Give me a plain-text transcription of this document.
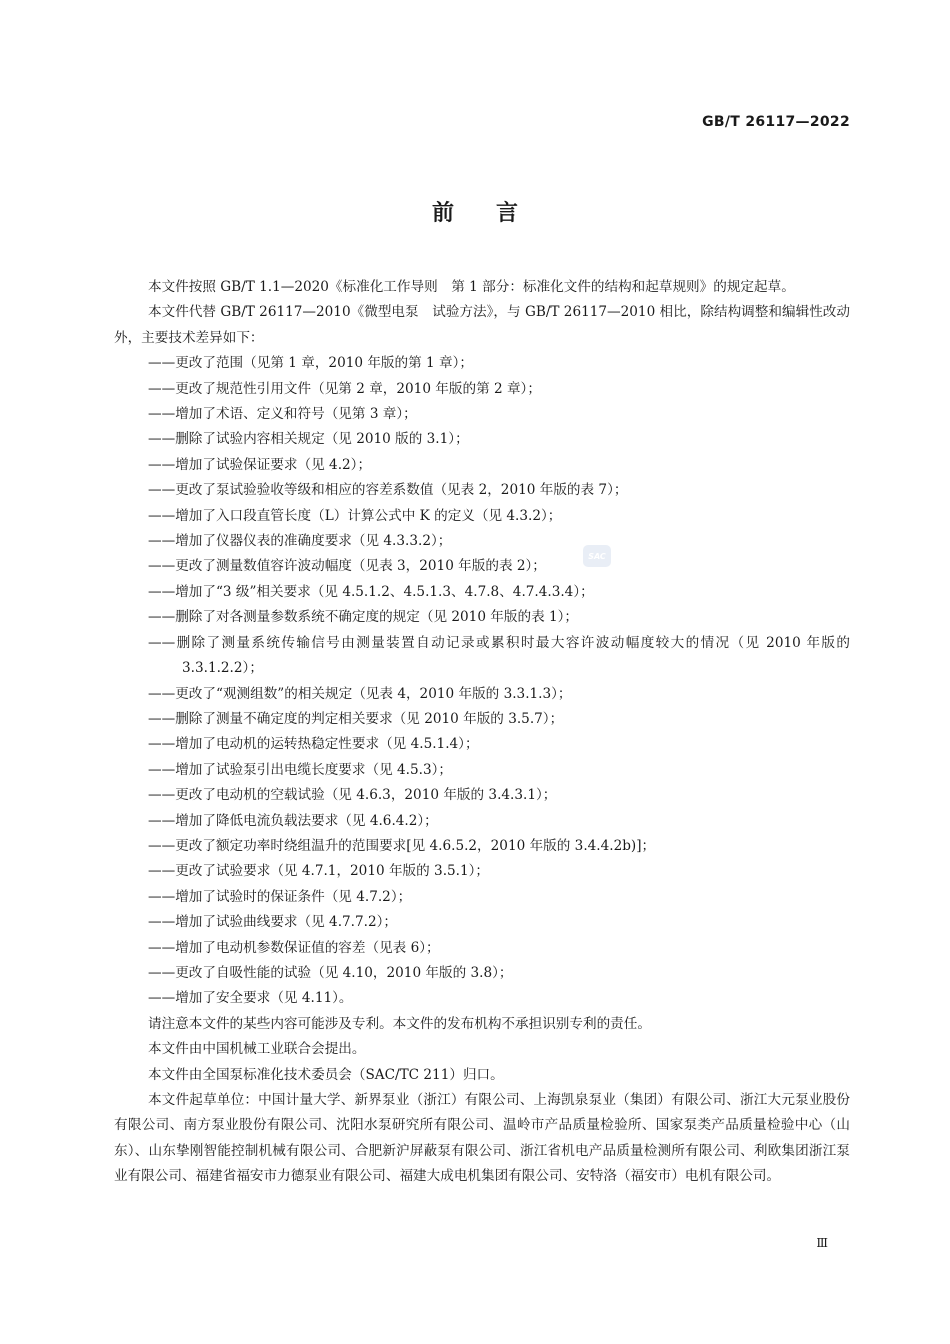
GB/T 26117—2022
前言

本文件按照 GB/T 1.1—2020《标准化工作导则　第 1 部分：标准化文件的结构和起草规则》的规定起草。

本文件代替 GB/T 26117—2010《微型电泵　试验方法》，与 GB/T 26117—2010 相比，除结构调整和编辑性改动外，主要技术差异如下：

——更改了范围（见第 1 章，2010 年版的第 1 章）；

——更改了规范性引用文件（见第 2 章，2010 年版的第 2 章）；

——增加了术语、定义和符号（见第 3 章）；

——删除了试验内容相关规定（见 2010 版的 3.1）；

——增加了试验保证要求（见 4.2）；

——更改了泵试验验收等级和相应的容差系数值（见表 2，2010 年版的表 7）；

——增加了入口段直管长度（L）计算公式中 K 的定义（见 4.3.2）；

——增加了仪器仪表的准确度要求（见 4.3.3.2）；

——更改了测量数值容许波动幅度（见表 3，2010 年版的表 2）；

——增加了“3 级”相关要求（见 4.5.1.2、4.5.1.3、4.7.8、4.7.4.3.4）；

——删除了对各测量参数系统不确定度的规定（见 2010 年版的表 1）；

——删除了测量系统传输信号由测量装置自动记录或累积时最大容许波动幅度较大的情况（见 2010 年版的 3.3.1.2.2）；

——更改了“观测组数”的相关规定（见表 4，2010 年版的 3.3.1.3）；

——删除了测量不确定度的判定相关要求（见 2010 年版的 3.5.7）；

——增加了电动机的运转热稳定性要求（见 4.5.1.4）；

——增加了试验泵引出电缆长度要求（见 4.5.3）；

——更改了电动机的空载试验（见 4.6.3，2010 年版的 3.4.3.1）；

——增加了降低电流负载法要求（见 4.6.4.2）；

——更改了额定功率时绕组温升的范围要求[见 4.6.5.2，2010 年版的 3.4.4.2b)]；

——更改了试验要求（见 4.7.1，2010 年版的 3.5.1）；

——增加了试验时的保证条件（见 4.7.2）；

——增加了试验曲线要求（见 4.7.7.2）；

——增加了电动机参数保证值的容差（见表 6）；

——更改了自吸性能的试验（见 4.10，2010 年版的 3.8）；

——增加了安全要求（见 4.11）。

请注意本文件的某些内容可能涉及专利。本文件的发布机构不承担识别专利的责任。

本文件由中国机械工业联合会提出。

本文件由全国泵标准化技术委员会（SAC/TC 211）归口。

本文件起草单位：中国计量大学、新界泵业（浙江）有限公司、上海凯泉泵业（集团）有限公司、浙江大元泵业股份有限公司、南方泵业股份有限公司、沈阳水泵研究所有限公司、温岭市产品质量检验所、国家泵类产品质量检验中心（山东）、山东挚刚智能控制机械有限公司、合肥新沪屏蔽泵有限公司、浙江省机电产品质量检测所有限公司、利欧集团浙江泵业有限公司、福建省福安市力德泵业有限公司、福建大成电机集团有限公司、安特洛（福安市）电机有限公司。

SAC
Ⅲ
